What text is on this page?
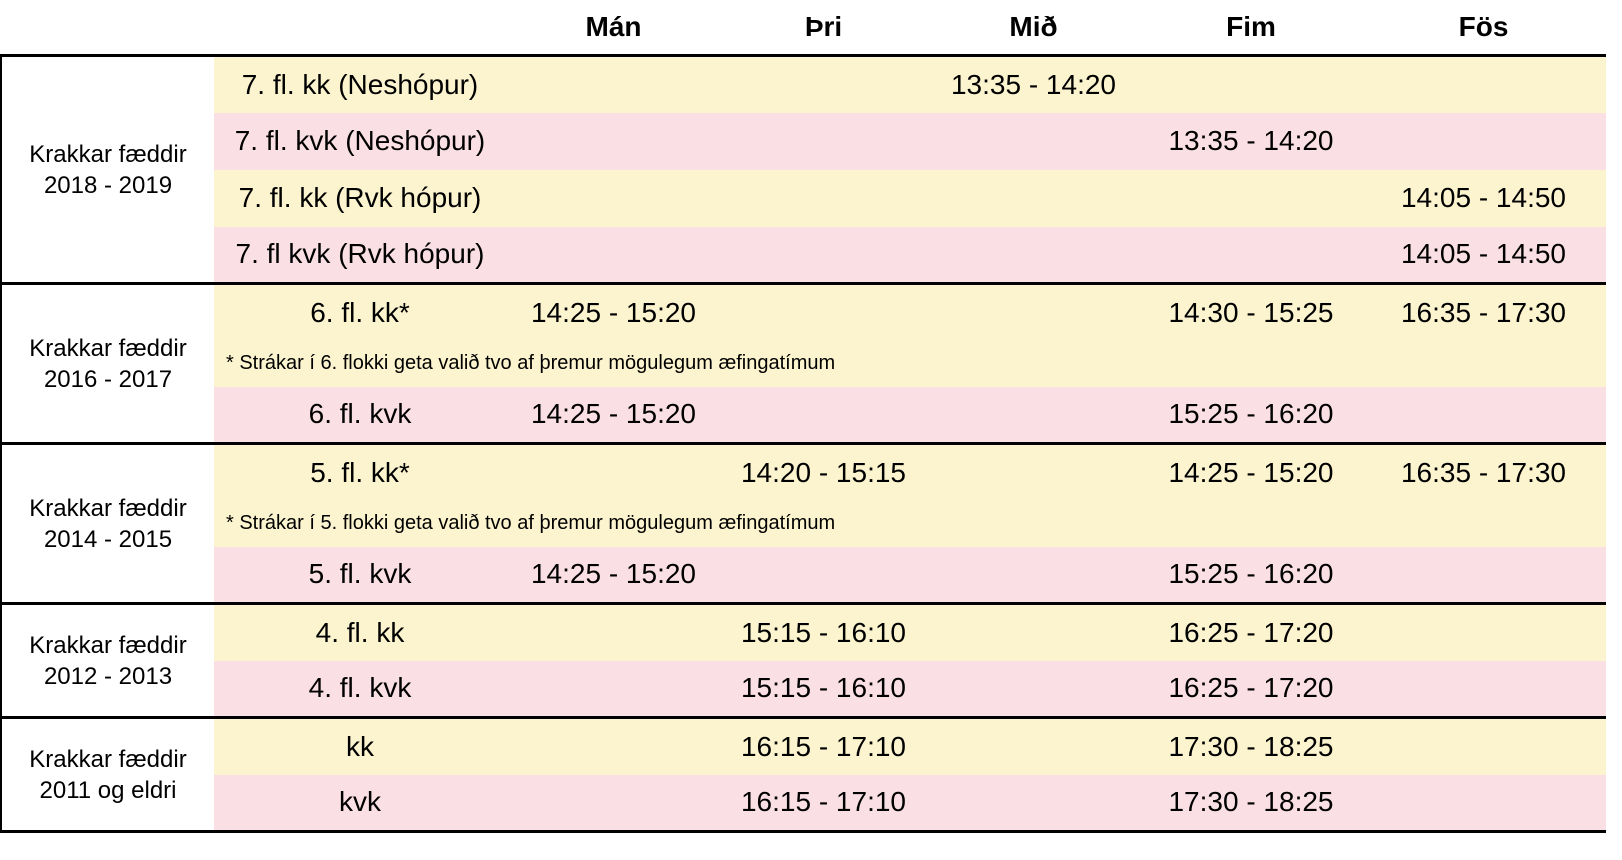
		Mán	Þri	Mið	Fim	Fös
Krakkar fæddir
2018 - 2019	7. fl. kk (Neshópur)			13:35 - 14:20		
	7. fl. kvk (Neshópur)				13:35 - 14:20	
	7. fl. kk (Rvk hópur)					14:05 - 14:50
	7. fl kvk (Rvk hópur)					14:05 - 14:50
Krakkar fæddir
2016 - 2017	6. fl. kk*	14:25 - 15:20			14:30 - 15:25	16:35 - 17:30
	* Strákar í 6. flokki geta valið tvo af þremur mögulegum æfingatímum					
	6. fl. kvk	14:25 - 15:20			15:25 - 16:20	
Krakkar fæddir
2014 - 2015	5. fl. kk*		14:20 - 15:15		14:25 - 15:20	16:35 - 17:30
	* Strákar í 5. flokki geta valið tvo af þremur mögulegum æfingatímum					
	5. fl. kvk	14:25 - 15:20			15:25 - 16:20	
Krakkar fæddir
2012 - 2013	4. fl. kk		15:15 - 16:10		16:25 - 17:20	
	4. fl. kvk		15:15 - 16:10		16:25 - 17:20	
Krakkar fæddir
2011 og eldri	kk		16:15 - 17:10		17:30 - 18:25	
	kvk		16:15 - 17:10		17:30 - 18:25	
